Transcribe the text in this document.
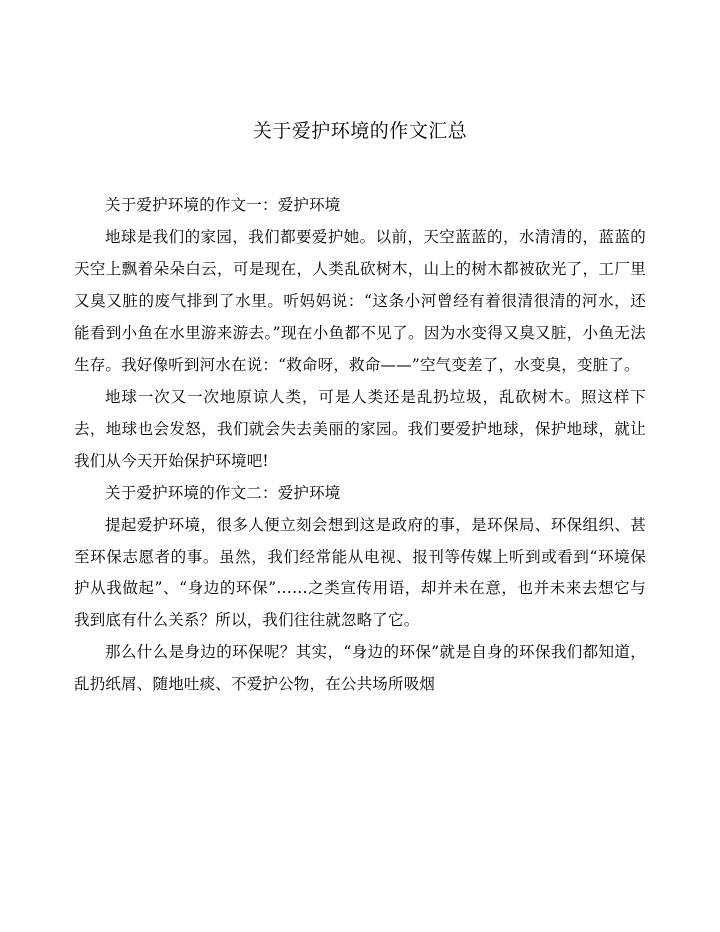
关于爱护环境的作文汇总

关于爱护环境的作文一：爱护环境

地球是我们的家园，我们都要爱护她。以前，天空蓝蓝的，水清清的，蓝蓝的天空上飘着朵朵白云，可是现在，人类乱砍树木，山上的树木都被砍光了，工厂里又臭又脏的废气排到了水里。听妈妈说：“这条小河曾经有着很清很清的河水，还能看到小鱼在水里游来游去。”现在小鱼都不见了。因为水变得又臭又脏，小鱼无法生存。我好像听到河水在说：“救命呀，救命——”空气变差了，水变臭，变脏了。

地球一次又一次地原谅人类，可是人类还是乱扔垃圾，乱砍树木。照这样下去，地球也会发怒，我们就会失去美丽的家园。我们要爱护地球，保护地球，就让我们从今天开始保护环境吧!

关于爱护环境的作文二：爱护环境

提起爱护环境，很多人便立刻会想到这是政府的事，是环保局、环保组织、甚至环保志愿者的事。虽然，我们经常能从电视、报刊等传媒上听到或看到“环境保护从我做起”、“身边的环保”……之类宣传用语，却并未在意，也并未来去想它与我到底有什么关系？所以，我们往往就忽略了它。

那么什么是身边的环保呢？其实，“身边的环保”就是自身的环保我们都知道，乱扔纸屑、随地吐痰、不爱护公物，在公共场所吸烟
